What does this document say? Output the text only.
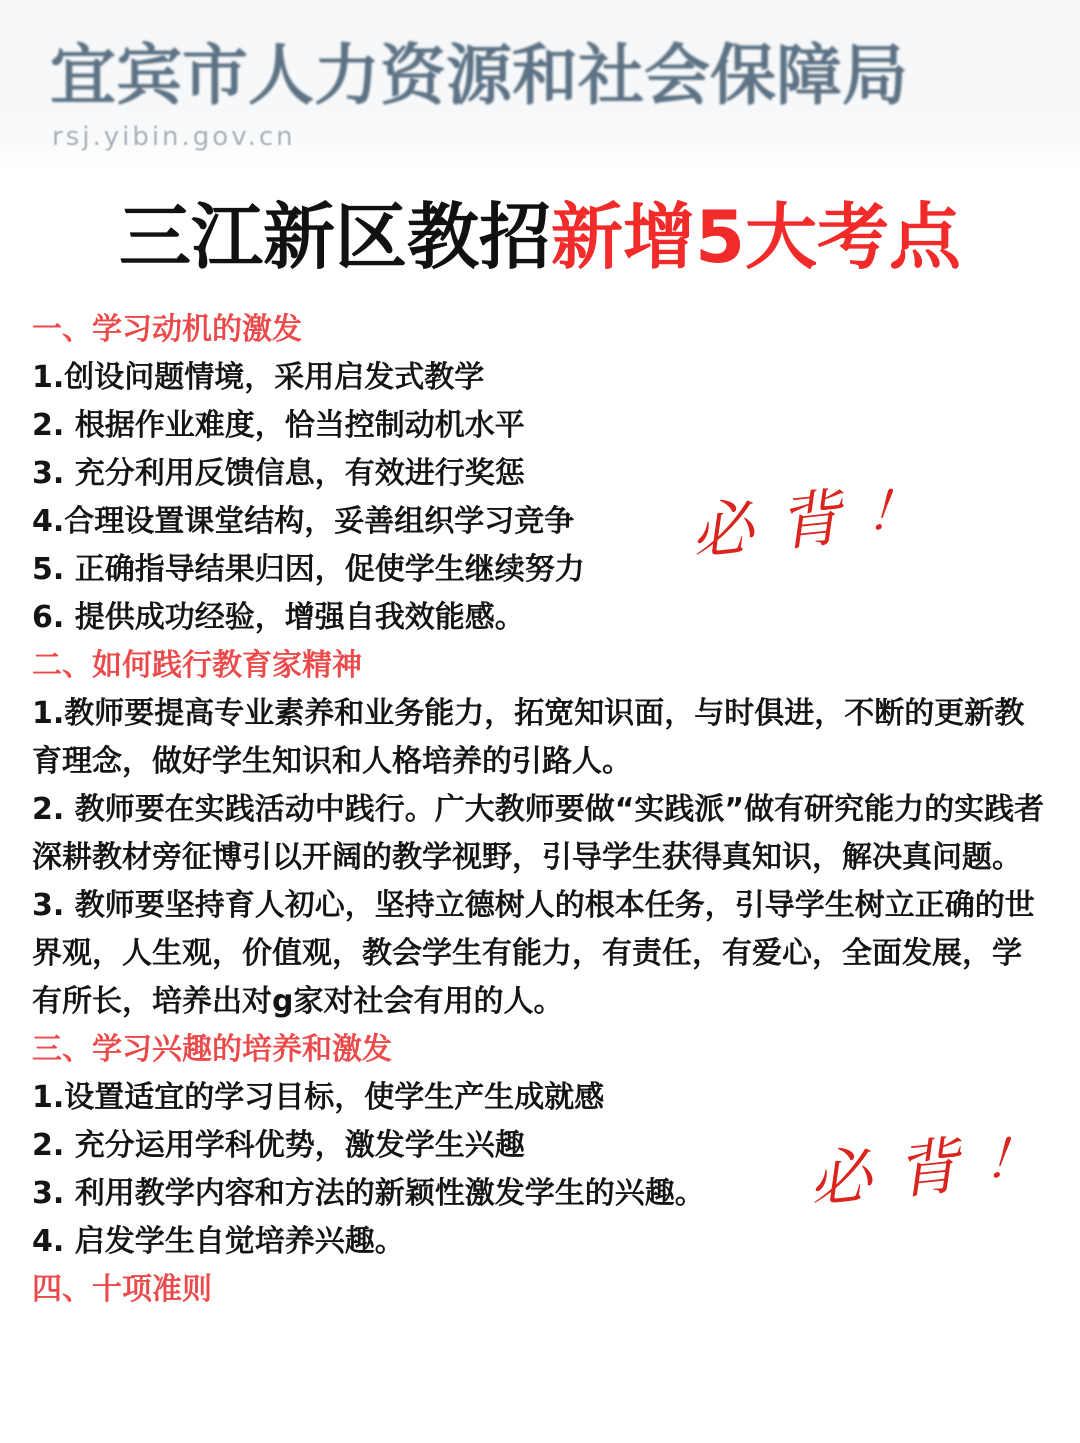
宜宾市人力资源和社会保障局
rsj.yibin.gov.cn
三江新区教招新增5大考点
一、学习动机的激发
1.创设问题情境，采用启发式教学
2. 根据作业难度，恰当控制动机水平
3. 充分利用反馈信息，有效进行奖惩
4.合理设置课堂结构，妥善组织学习竞争
5. 正确指导结果归因，促使学生继续努力
6. 提供成功经验，增强自我效能感。
二、如何践行教育家精神
1.教师要提高专业素养和业务能力，拓宽知识面，与时俱进，不断的更新教育理念，做好学生知识和人格培养的引路人。
2. 教师要在实践活动中践行。广大教师要做“实践派”做有研究能力的实践者深耕教材旁征博引以开阔的教学视野，引导学生获得真知识，解决真问题。
3. 教师要坚持育人初心，坚持立德树人的根本任务，引导学生树立正确的世界观，人生观，价值观，教会学生有能力，有责任，有爱心，全面发展，学有所长，培养出对g家对社会有用的人。
三、学习兴趣的培养和激发
1.设置适宜的学习目标，使学生产生成就感
2. 充分运用学科优势，激发学生兴趣
3. 利用教学内容和方法的新颖性激发学生的兴趣。
4. 启发学生自觉培养兴趣。
四、十项准则
必背！
必背！
